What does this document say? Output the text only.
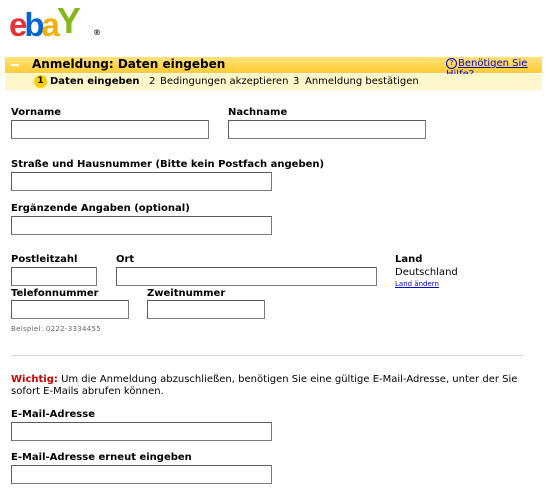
ebaY ®
Anmeldung: Daten eingeben	? Benötigen Sie
1 Daten eingeben 2 Bedingungen akzeptieren 3 Anmeldung bestätigen
Vorname	Nachname
Straße und Hausnummer (Bitte kein Postfach angeben)
Ergänzende Angaben (optional)
Postleitzahl	Ort	Land
Deutschland
Land ändern
Telefonnummer	Zweitnummer
Beispiel: 0222-3334455
Wichtig: Um die Anmeldung abzuschließen, benötigen Sie eine gültige E-Mail-Adresse, unter der Sie sofort E-Mails abrufen können.
E-Mail-Adresse
E-Mail-Adresse erneut eingeben
